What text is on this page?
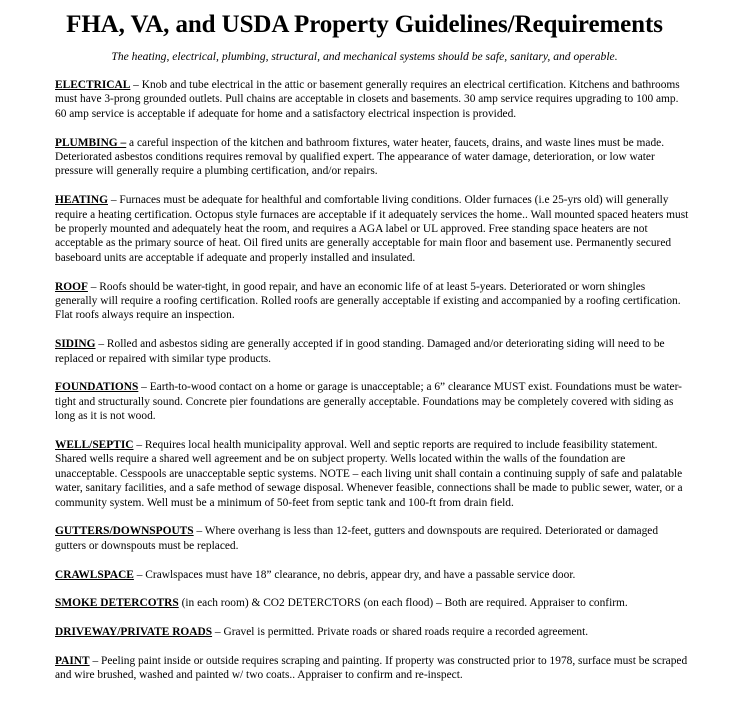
FHA, VA, and USDA Property Guidelines/Requirements
The heating, electrical, plumbing, structural, and mechanical systems should be safe, sanitary, and operable.

ELECTRICAL – Knob and tube electrical in the attic or basement generally requires an electrical certification. Kitchens and bathrooms must have 3-prong grounded outlets. Pull chains are acceptable in closets and basements. 30 amp service requires upgrading to 100 amp. 60 amp service is acceptable if adequate for home and a satisfactory electrical inspection is provided.

PLUMBING – a careful inspection of the kitchen and bathroom fixtures, water heater, faucets, drains, and waste lines must be made. Deteriorated asbestos conditions requires removal by qualified expert. The appearance of water damage, deterioration, or low water pressure will generally require a plumbing certification, and/or repairs.

HEATING – Furnaces must be adequate for healthful and comfortable living conditions. Older furnaces (i.e 25-yrs old) will generally require a heating certification. Octopus style furnaces are acceptable if it adequately services the home.. Wall mounted spaced heaters must be properly mounted and adequately heat the room, and requires a AGA label or UL approved. Free standing space heaters are not acceptable as the primary source of heat. Oil fired units are generally acceptable for main floor and basement use. Permanently secured baseboard units are acceptable if adequate and properly installed and insulated.

ROOF – Roofs should be water-tight, in good repair, and have an economic life of at least 5-years. Deteriorated or worn shingles generally will require a roofing certification. Rolled roofs are generally acceptable if existing and accompanied by a roofing certification. Flat roofs always require an inspection.

SIDING – Rolled and asbestos siding are generally accepted if in good standing. Damaged and/or deteriorating siding will need to be replaced or repaired with similar type products.

FOUNDATIONS – Earth-to-wood contact on a home or garage is unacceptable; a 6” clearance MUST exist. Foundations must be water-tight and structurally sound. Concrete pier foundations are generally acceptable. Foundations may be completely covered with siding as long as it is not wood.

WELL/SEPTIC – Requires local health municipality approval. Well and septic reports are required to include feasibility statement. Shared wells require a shared well agreement and be on subject property. Wells located within the walls of the foundation are unacceptable. Cesspools are unacceptable septic systems. NOTE – each living unit shall contain a continuing supply of safe and palatable water, sanitary facilities, and a safe method of sewage disposal. Whenever feasible, connections shall be made to public sewer, water, or a community system. Well must be a minimum of 50-feet from septic tank and 100-ft from drain field.

GUTTERS/DOWNSPOUTS – Where overhang is less than 12-feet, gutters and downspouts are required. Deteriorated or damaged gutters or downspouts must be replaced.

CRAWLSPACE – Crawlspaces must have 18” clearance, no debris, appear dry, and have a passable service door.

SMOKE DETERCOTRS (in each room) & CO2 DETERCTORS (on each flood) – Both are required. Appraiser to confirm.

DRIVEWAY/PRIVATE ROADS – Gravel is permitted. Private roads or shared roads require a recorded agreement.

PAINT – Peeling paint inside or outside requires scraping and painting. If property was constructed prior to 1978, surface must be scraped and wire brushed, washed and painted w/ two coats.. Appraiser to confirm and re-inspect.
